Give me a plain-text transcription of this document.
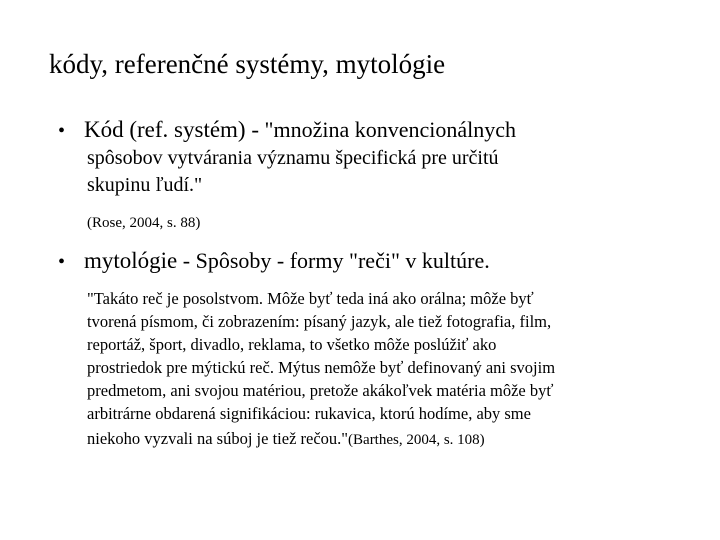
kódy, referenčné systémy, mytológie
• Kód (ref. systém) - "množina konvencionálnych
spôsobov vytvárania významu špecifická pre určitú
skupinu ľudí."
(Rose, 2004, s. 88)
• mytológie - Spôsoby - formy "reči" v kultúre.
"Takáto reč je posolstvom. Môže byť teda iná ako orálna; môže byť
tvorená písmom, či zobrazením: písaný jazyk, ale tiež fotografia, film,
reportáž, šport, divadlo, reklama, to všetko môže poslúžiť ako
prostriedok pre mýtickú reč. Mýtus nemôže byť definovaný ani svojim
predmetom, ani svojou matériou, pretože akákoľvek matéria môže byť
arbitrárne obdarená signifikáciou: rukavica, ktorú hodíme, aby sme
niekoho vyzvali na súboj je tiež rečou."(Barthes, 2004, s. 108)
